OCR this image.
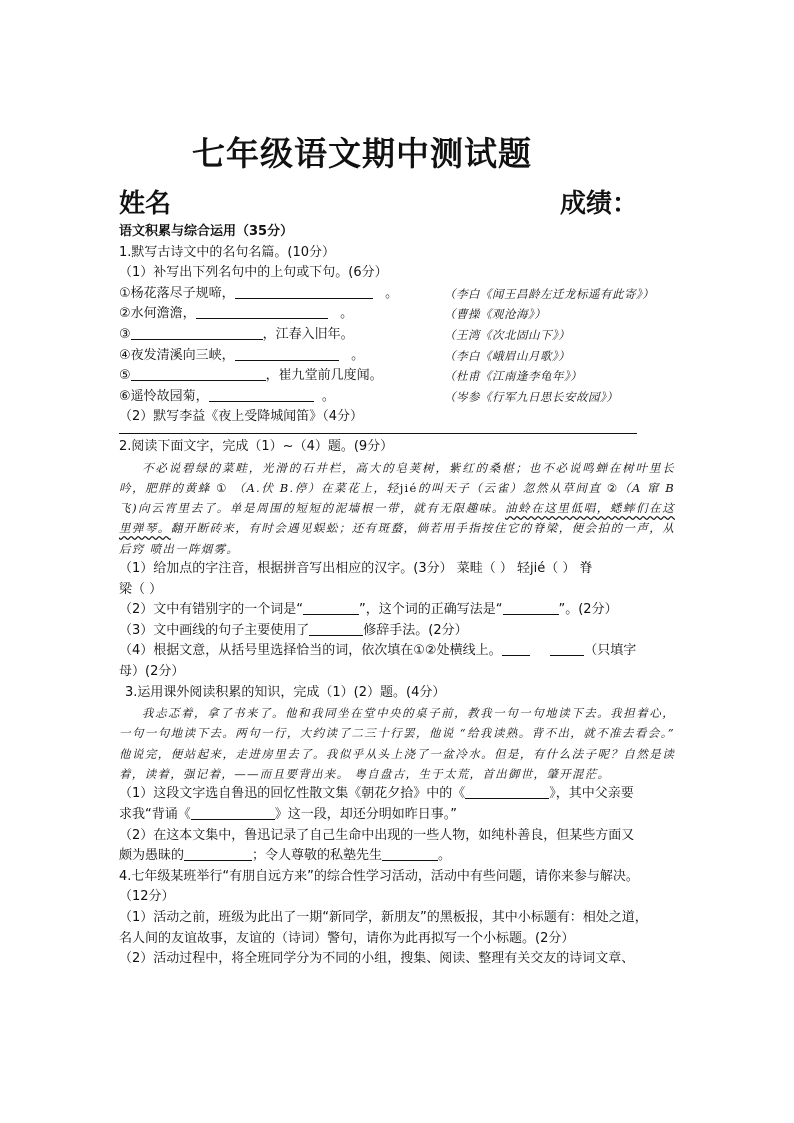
七年级语文期中测试题
姓名	成绩：
语文积累与综合运用（35分）
1.默写古诗文中的名句名篇。(10分）
（1）补写出下列名句中的上句或下句。(6分）
①杨花落尽子规啼，	。	（李白《闻王昌龄左迁龙标遥有此寄》）
②水何澹澹，	。	（曹操《观沧海》）
③	，江春入旧年。	（王湾《次北固山下》）
④夜发清溪向三峡，	。	（李白《峨眉山月歌》）
⑤	，崔九堂前几度闻。	（杜甫《江南逢李龟年》）
⑥遥怜故园菊，	。	（岑参《行军九日思长安故园》）
（2）默写李益《夜上受降城闻笛》（4分）
2.阅读下面文字，完成（1）~（4）题。(9分）
不必说碧绿的菜畦，光滑的石井栏，高大的皂荚树，紫红的桑椹；也不必说鸣蝉在树叶里长吟，肥胖的黄蜂 ① （A.伏 B.停）在菜花上，轻jié的叫天子（云雀）忽然从草间直 ②（A 窜 B 飞)向云宵里去了。单是周围的短短的泥墙根一带，就有无限趣味。油蛉在这里低唱，蟋蟀们在这里弹琴。翻开断砖来，有时会遇见蜈蚣；还有斑蝥，倘若用手指按住它的脊梁，便会拍的一声，从后窍 喷出一阵烟雾。
（1）给加点的字注音，根据拼音写出相应的汉字。(3分） 菜畦（ ） 轻jié（ ） 脊
梁（ ）
（2）文中有错别字的一个词是“	”，这个词的正确写法是“	”。(2分）
（3）文中画线的句子主要使用了	修辞手法。(2分）
（4）根据文意，从括号里选择恰当的词，依次填在①②处横线上。	（只填字
母）(2分）
3.运用课外阅读积累的知识，完成（1）(2）题。(4分）
我忐忑着，拿了书来了。他和我同坐在堂中央的桌子前，教我一句一句地读下去。我担着心，一句一句地读下去。两句一行，大约读了二三十行罢，他说 “给我读熟。背不出，就不准去看会。” 他说完，便站起来，走进房里去了。我似乎从头上浇了一盆冷水。但是，有什么法子呢？自然是读着，读着，强记着，——而且要背出来。 粤自盘古，生于太荒，首出御世，肇开混茫。
（1）这段文字选自鲁迅的回忆性散文集《朝花夕拾》中的《	》，其中父亲要
求我“背诵《	》这一段，却还分明如昨日事。”
（2）在这本文集中，鲁迅记录了自己生命中出现的一些人物，如纯朴善良，但某些方面又
颇为愚昧的	；令人尊敬的私塾先生	。
4.七年级某班举行“有朋自远方来”的综合性学习活动，活动中有些问题，请你来参与解决。
（12分）
（1）活动之前，班级为此出了一期“新同学，新朋友”的黑板报，其中小标题有：相处之道，
名人间的友谊故事，友谊的（诗词）警句，请你为此再拟写一个小标题。(2分）
（2）活动过程中，将全班同学分为不同的小组，搜集、阅读、整理有关交友的诗词文章、
